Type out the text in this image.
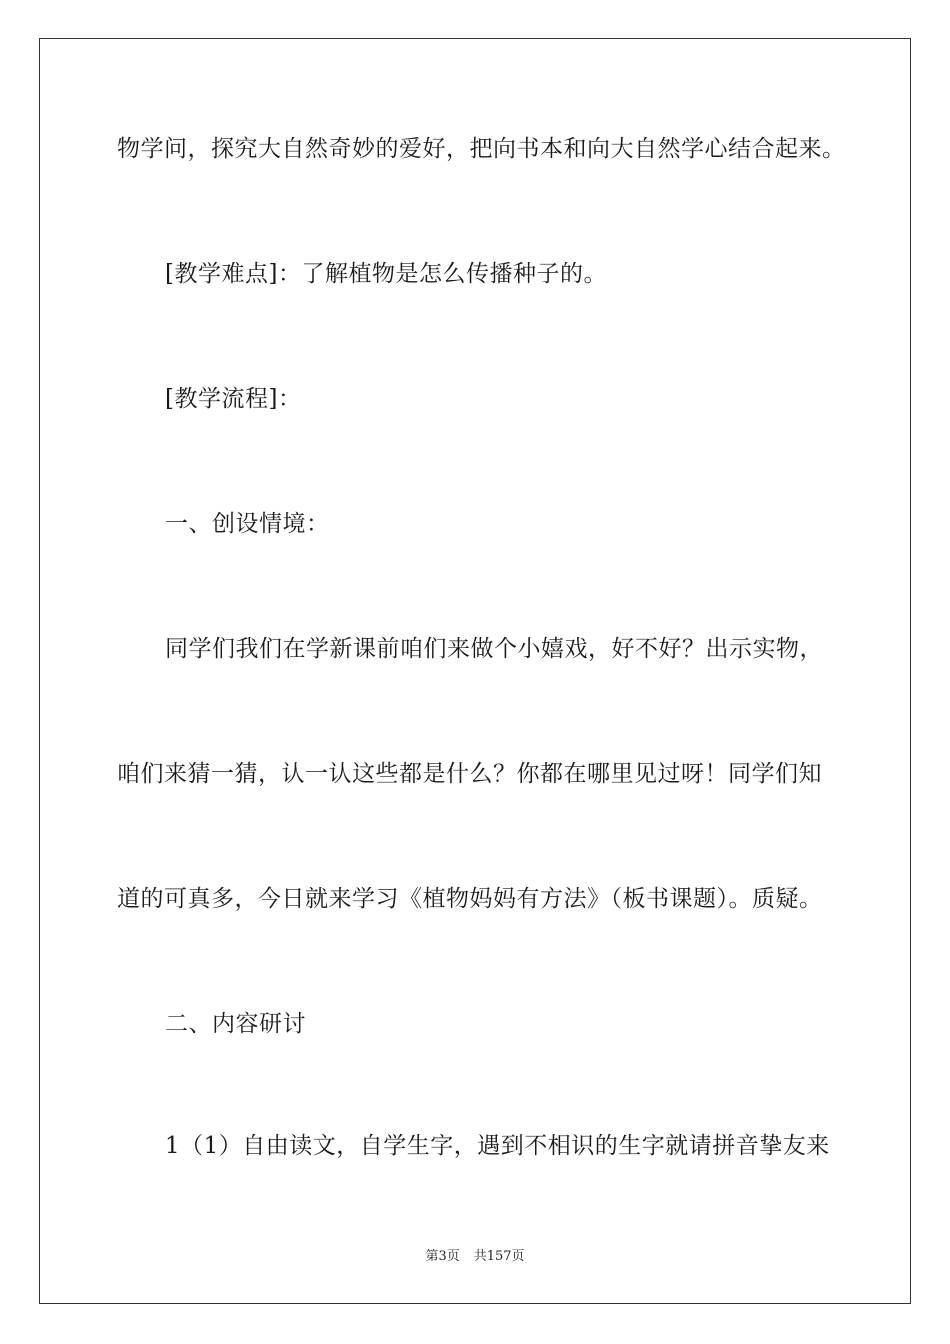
物学问，探究大自然奇妙的爱好，把向书本和向大自然学心结合起来。
[教学难点]：了解植物是怎么传播种子的。
[教学流程]：
一、创设情境：
同学们我们在学新课前咱们来做个小嬉戏，好不好？出示实物，
咱们来猜一猜，认一认这些都是什么？你都在哪里见过呀！同学们知
道的可真多，今日就来学习《植物妈妈有方法》（板书课题）。质疑。
二、内容研讨
1（1）自由读文，自学生字，遇到不相识的生字就请拼音挚友来
第3页 共157页
